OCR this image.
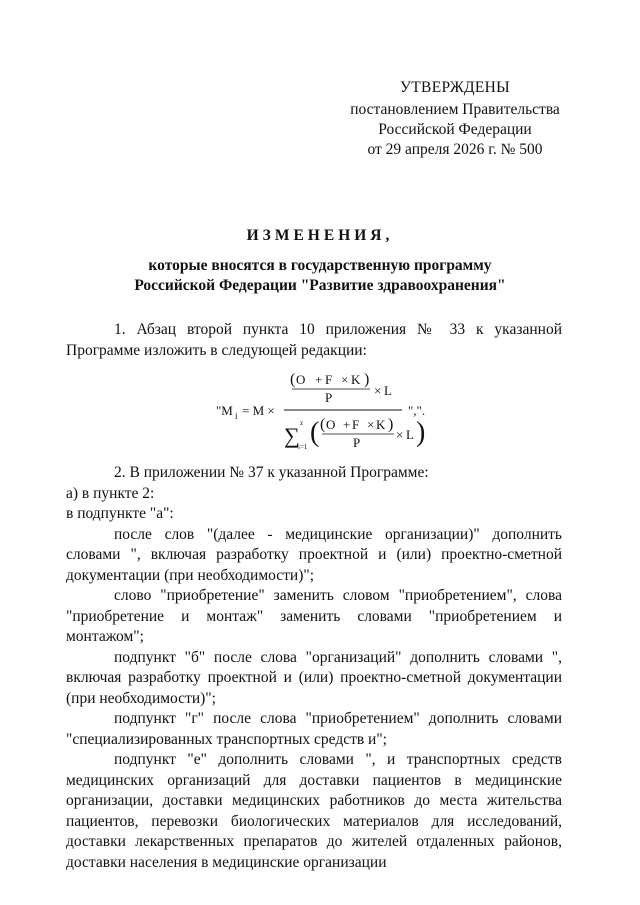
УТВЕРЖДЕНЫ
постановлением Правительства
Российской Федерации
от 29 апреля 2026 г. № 500
ИЗМЕНЕНИЯ,
которые вносятся в государственную программу
Российской Федерации "Развитие здравоохранения"

1. Абзац второй пункта 10 приложения № 33 к указанной Программе изложить в следующей редакции:

"M i = M ×
( O + F × K )
P	× L
∑ z
i=1 ( ( O + F × K )
P
× L )
",".

2. В приложении № 37 к указанной Программе:

а) в пункте 2:

в подпункте "а":

после слов "(далее - медицинские организации)" дополнить словами ", включая разработку проектной и (или) проектно-сметной документации (при необходимости)";

слово "приобретение" заменить словом "приобретением", слова "приобретение и монтаж" заменить словами "приобретением и монтажом";

подпункт "б" после слова "организаций" дополнить словами ", включая разработку проектной и (или) проектно-сметной документации (при необходимости)";

подпункт "г" после слова "приобретением" дополнить словами "специализированных транспортных средств и";

подпункт "е" дополнить словами ", и транспортных средств медицинских организаций для доставки пациентов в медицинские организации, доставки медицинских работников до места жительства пациентов, перевозки биологических материалов для исследований, доставки лекарственных препаратов до жителей отдаленных районов, доставки населения в медицинские организации
